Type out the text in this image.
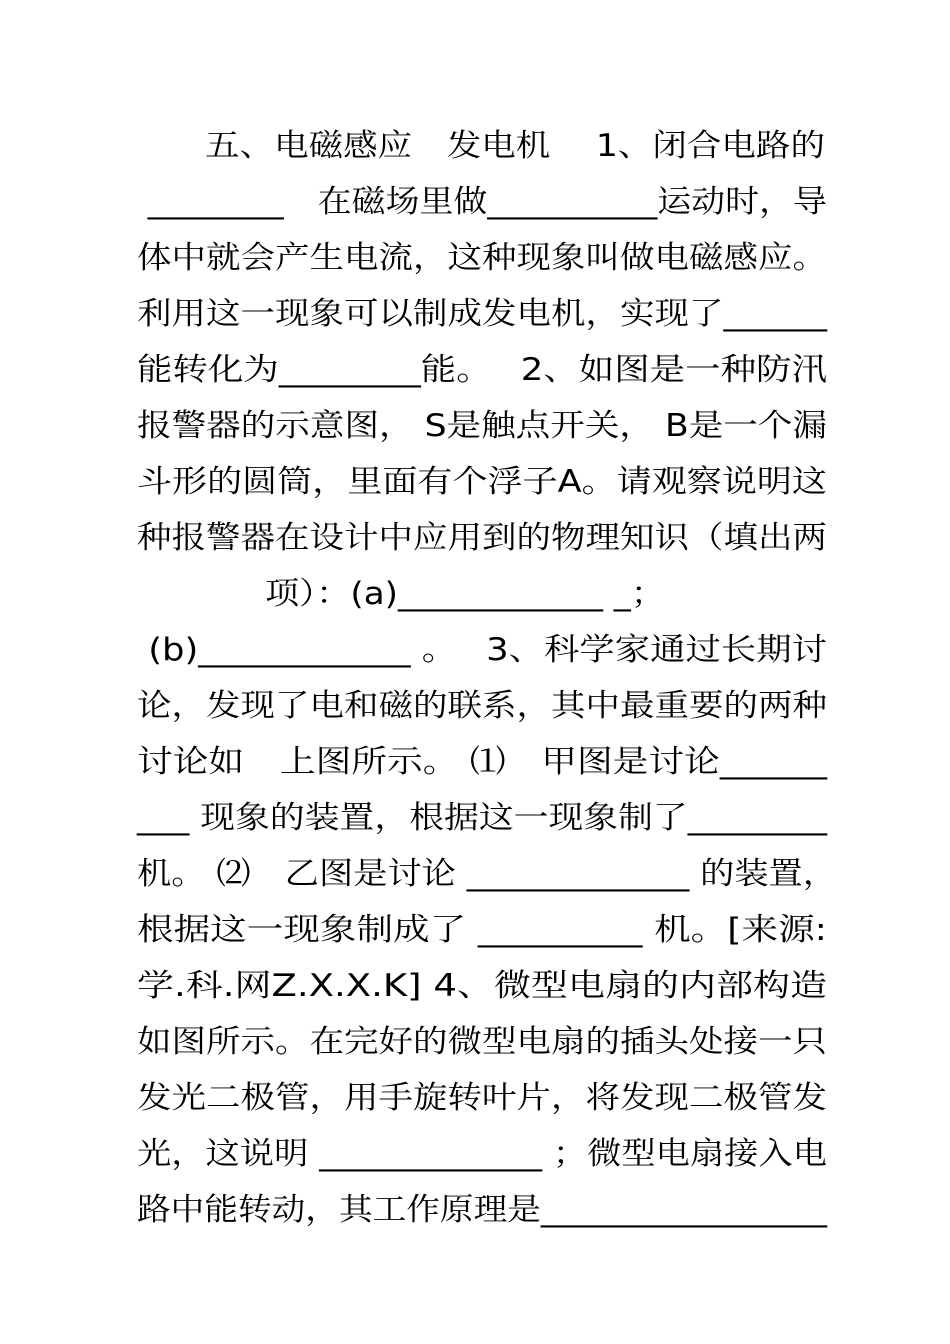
五、电磁感应　发电机　 1、闭合电路的
________　在磁场里做__________运动时，导
体中就会产生电流，这种现象叫做电磁感应。
利用这一现象可以制成发电机，实现了______
能转化为________能。　 2、如图是一种防汛
报警器的示意图， S是触点开关， B是一个漏
斗形的圆筒，里面有个浮子A。请观察说明这
种报警器在设计中应用到的物理知识（填出两
项）：(a)____________ _；
(b)____________ 。　 3、科学家通过长期讨
论，发现了电和磁的联系，其中最重要的两种
讨论如　上图所示。 ⑴　甲图是讨论______
___ 现象的装置，根据这一现象制了________
机。 ⑵　乙图是讨论 _____________ 的装置，
根据这一现象制成了 _________ 机。[来源:
学.科.网Z.X.X.K] 4、微型电扇的内部构造
如图所示。在完好的微型电扇的插头处接一只
发光二极管，用手旋转叶片，将发现二极管发
光，这说明 _____________ ；微型电扇接入电
路中能转动，其工作原理是_________________
